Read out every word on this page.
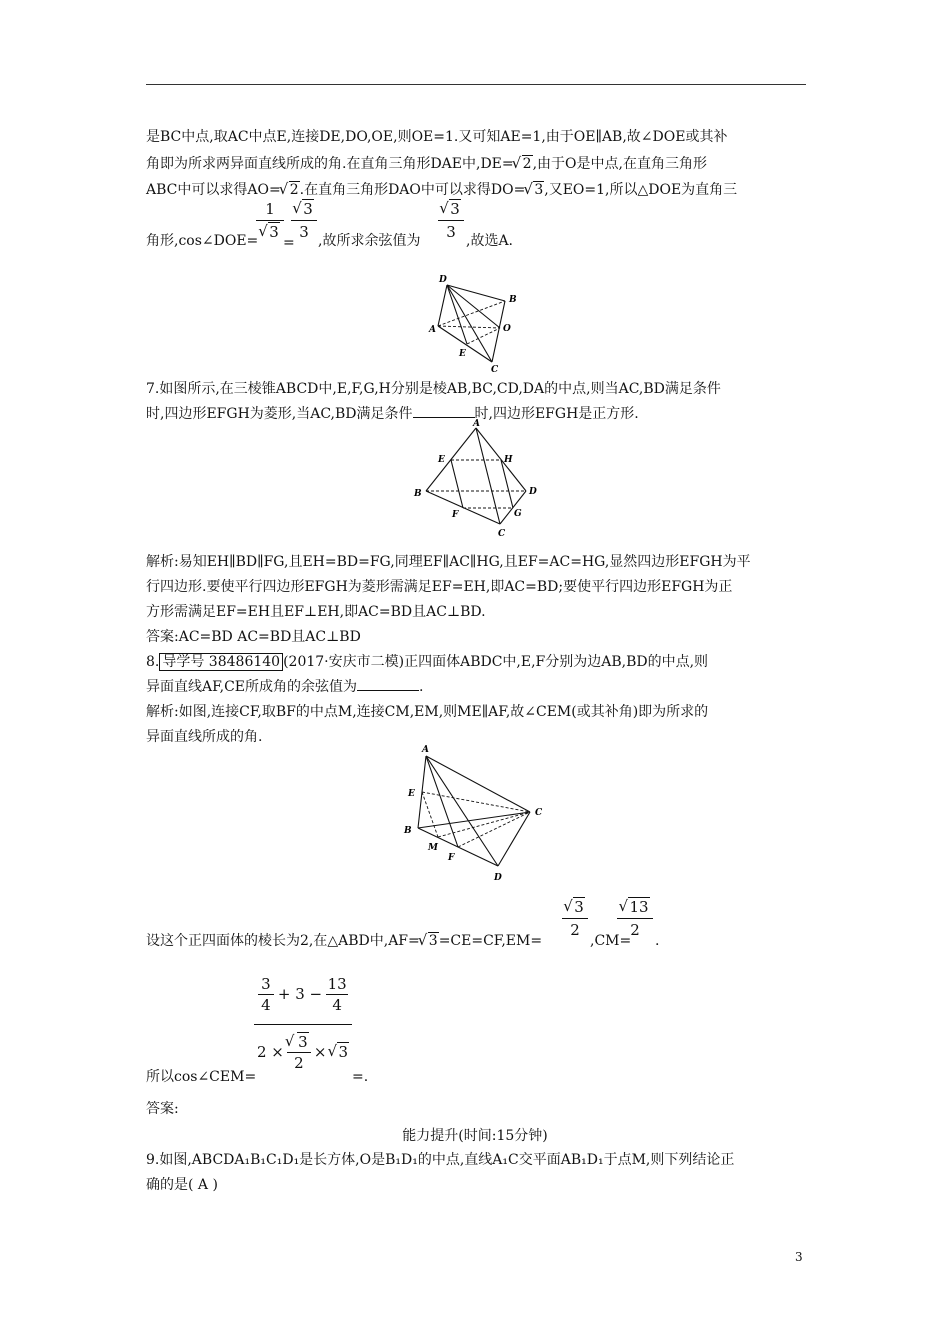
是BC中点,取AC中点E,连接DE,DO,OE,则OE=1.又可知AE=1,由于OE∥AB,故∠DOE或其补
角即为所求两异面直线所成的角.在直角三角形DAE中,DE= √ 2,由于O是中点,在直角三角形
ABC中可以求得AO= √ 2.在直角三角形DAO中可以求得DO= √ 3,又EO=1,所以△DOE为直角三
角形,cos∠DOE=
1
√ 3
=
√ 3
3 ,故所求余弦值为
√ 3
3 ,故选A.
D
B
A	O
E
C
7.如图所示,在三棱锥ABCD中,E,F,G,H分别是棱AB,BC,CD,DA的中点,则当AC,BD满足条件
时,四边形EFGH为菱形,当AC,BD满足条件	时,四边形EFGH是正方形.
A
E	H
B	D
F	G
C
解析:易知EH∥BD∥FG,且EH=BD=FG,同理EF∥AC∥HG,且EF=AC=HG,显然四边形EFGH为平
行四边形.要使平行四边形EFGH为菱形需满足EF=EH,即AC=BD;要使平行四边形EFGH为正
方形需满足EF=EH且EF⊥EH,即AC=BD且AC⊥BD.
答案:AC=BD AC=BD且AC⊥BD
8. 导学号 38486140 (2017·安庆市二模)正四面体ABDC中,E,F分别为边AB,BD的中点,则
异面直线AF,CE所成角的余弦值为	.
解析:如图,连接CF,取BF的中点M,连接CM,EM,则ME∥AF,故∠CEM(或其补角)即为所求的
异面直线所成的角.
A
E
C
B
M
F
D
设这个正四面体的棱长为2,在△ABD中,AF= √ 3=CE=CF,EM=
√ 3
2
,CM=
√ 13
2
.
3
4
+ 3 −
13
4
2 ×
√ 3
2
× √ 3
所以cos∠CEM=	=.
答案:
能力提升(时间:15分钟)
9.如图,ABCDA₁B₁C₁D₁是长方体,O是B₁D₁的中点,直线A₁C交平面AB₁D₁于点M,则下列结论正
确的是( A )
3
